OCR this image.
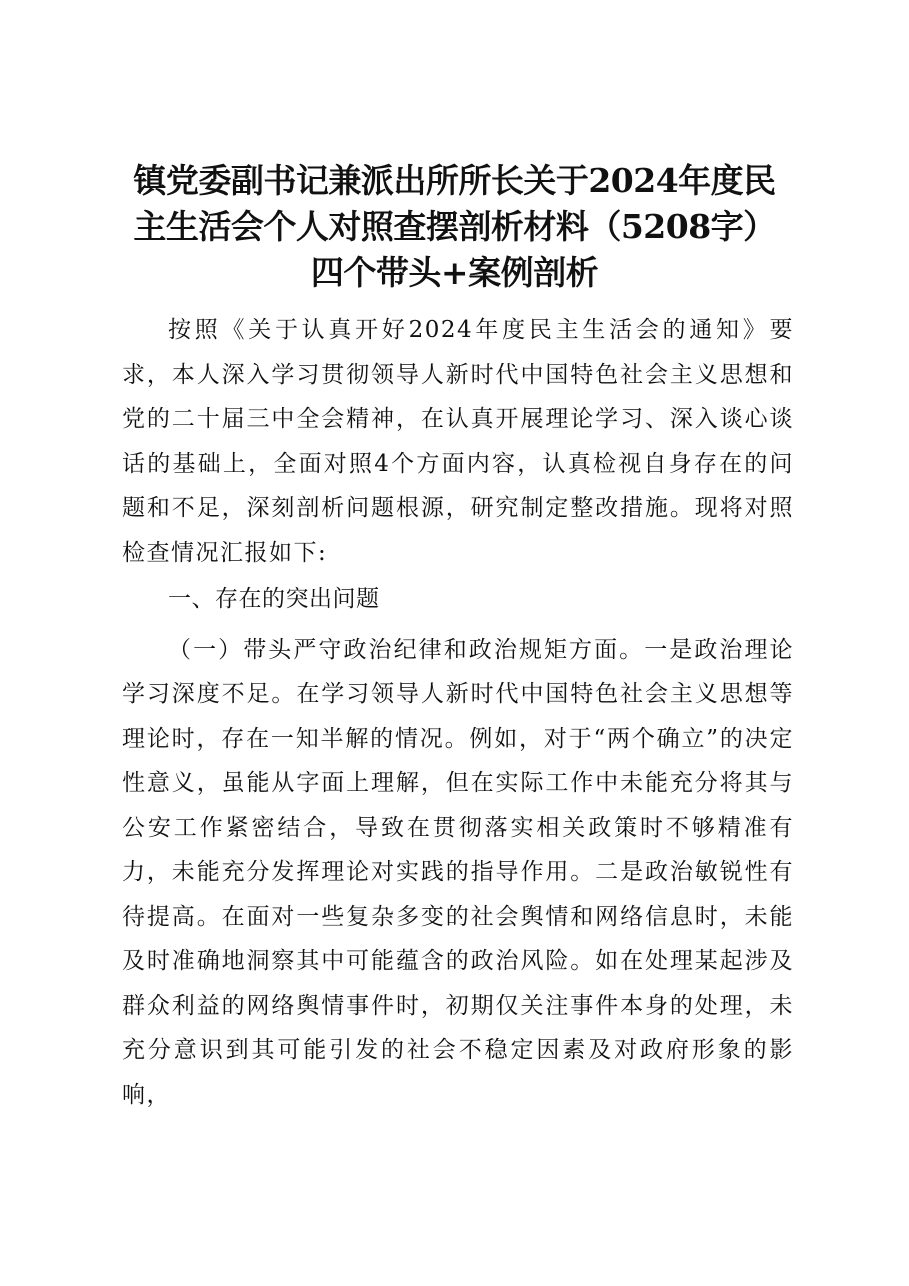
镇党委副书记兼派出所所长关于2024年度民
主生活会个人对照查摆剖析材料（5208字）
四个带头+案例剖析

按照《关于认真开好2024年度民主生活会的通知》要求，本人深入学习贯彻领导人新时代中国特色社会主义思想和党的二十届三中全会精神，在认真开展理论学习、深入谈心谈话的基础上，全面对照4个方面内容，认真检视自身存在的问题和不足，深刻剖析问题根源，研究制定整改措施。现将对照检查情况汇报如下:

一、存在的突出问题

（一）带头严守政治纪律和政治规矩方面。一是政治理论学习深度不足。在学习领导人新时代中国特色社会主义思想等理论时，存在一知半解的情况。例如，对于“两个确立”的决定性意义，虽能从字面上理解，但在实际工作中未能充分将其与公安工作紧密结合，导致在贯彻落实相关政策时不够精准有力，未能充分发挥理论对实践的指导作用。二是政治敏锐性有待提高。在面对一些复杂多变的社会舆情和网络信息时，未能及时准确地洞察其中可能蕴含的政治风险。如在处理某起涉及群众利益的网络舆情事件时，初期仅关注事件本身的处理，未充分意识到其可能引发的社会不稳定因素及对政府形象的影响，
